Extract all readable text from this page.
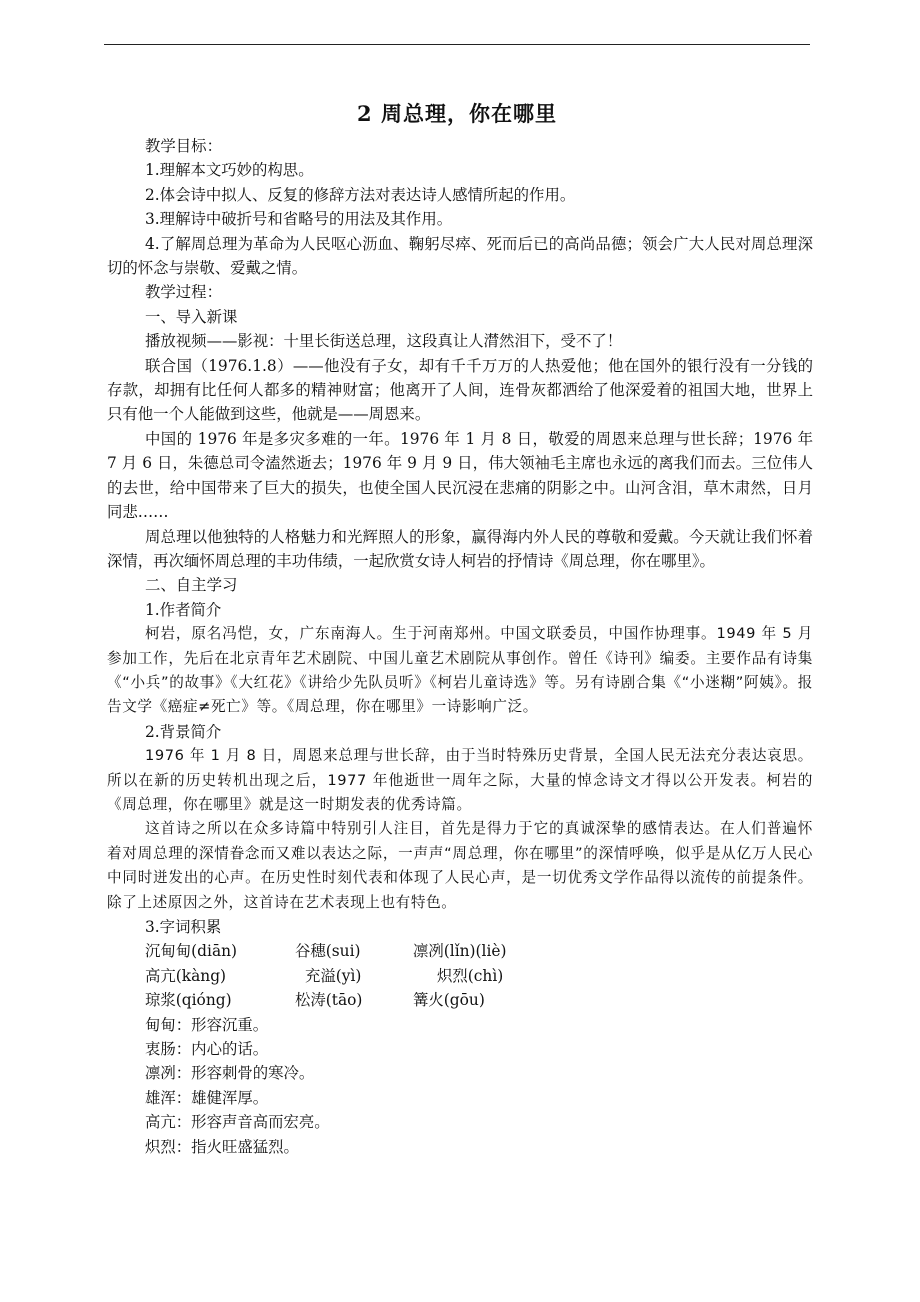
2 周总理，你在哪里

教学目标：

1.理解本文巧妙的构思。

2.体会诗中拟人、反复的修辞方法对表达诗人感情所起的作用。

3.理解诗中破折号和省略号的用法及其作用。

4.了解周总理为革命为人民呕心沥血、鞠躬尽瘁、死而后已的高尚品德；领会广大人民对周总理深切的怀念与崇敬、爱戴之情。

教学过程：

一、导入新课

播放视频——影视：十里长街送总理，这段真让人潸然泪下，受不了！

联合国（1976.1.8）——他没有子女，却有千千万万的人热爱他；他在国外的银行没有一分钱的存款，却拥有比任何人都多的精神财富；他离开了人间，连骨灰都洒给了他深爱着的祖国大地，世界上只有他一个人能做到这些，他就是——周恩来。

中国的 1976 年是多灾多难的一年。1976 年 1 月 8 日，敬爱的周恩来总理与世长辞；1976 年 7 月 6 日，朱德总司令溘然逝去；1976 年 9 月 9 日，伟大领袖毛主席也永远的离我们而去。三位伟人的去世，给中国带来了巨大的损失，也使全国人民沉浸在悲痛的阴影之中。山河含泪，草木肃然，日月同悲……

周总理以他独特的人格魅力和光辉照人的形象，赢得海内外人民的尊敬和爱戴。今天就让我们怀着深情，再次缅怀周总理的丰功伟绩，一起欣赏女诗人柯岩的抒情诗《周总理，你在哪里》。

二、自主学习

1.作者简介

柯岩，原名冯恺，女，广东南海人。生于河南郑州。中国文联委员，中国作协理事。1949 年 5 月参加工作，先后在北京青年艺术剧院、中国儿童艺术剧院从事创作。曾任《诗刊》编委。主要作品有诗集《“小兵”的故事》《大红花》《讲给少先队员听》《柯岩儿童诗选》等。另有诗剧合集《“小迷糊”阿姨》。报告文学《癌症≠死亡》等。《周总理，你在哪里》一诗影响广泛。

2.背景简介

1976 年 1 月 8 日，周恩来总理与世长辞，由于当时特殊历史背景，全国人民无法充分表达哀思。所以在新的历史转机出现之后，1977 年他逝世一周年之际，大量的悼念诗文才得以公开发表。柯岩的《周总理，你在哪里》就是这一时期发表的优秀诗篇。

这首诗之所以在众多诗篇中特别引人注目，首先是得力于它的真诚深挚的感情表达。在人们普遍怀着对周总理的深情眷念而又难以表达之际，一声声“周总理，你在哪里”的深情呼唤，似乎是从亿万人民心中同时迸发出的心声。在历史性时刻代表和体现了人民心声，是一切优秀文学作品得以流传的前提条件。除了上述原因之外，这首诗在艺术表现上也有特色。

3.字词积累

沉甸甸(diān)	谷穗(sui)	凛冽(lǐn)(liè)
高亢(kàng)	充溢(yì)	炽烈(chì)
琼浆(qióng)	松涛(tāo)	篝火(gōu)

甸甸：形容沉重。

衷肠：内心的话。

凛冽：形容刺骨的寒冷。

雄浑：雄健浑厚。

高亢：形容声音高而宏亮。

炽烈：指火旺盛猛烈。
